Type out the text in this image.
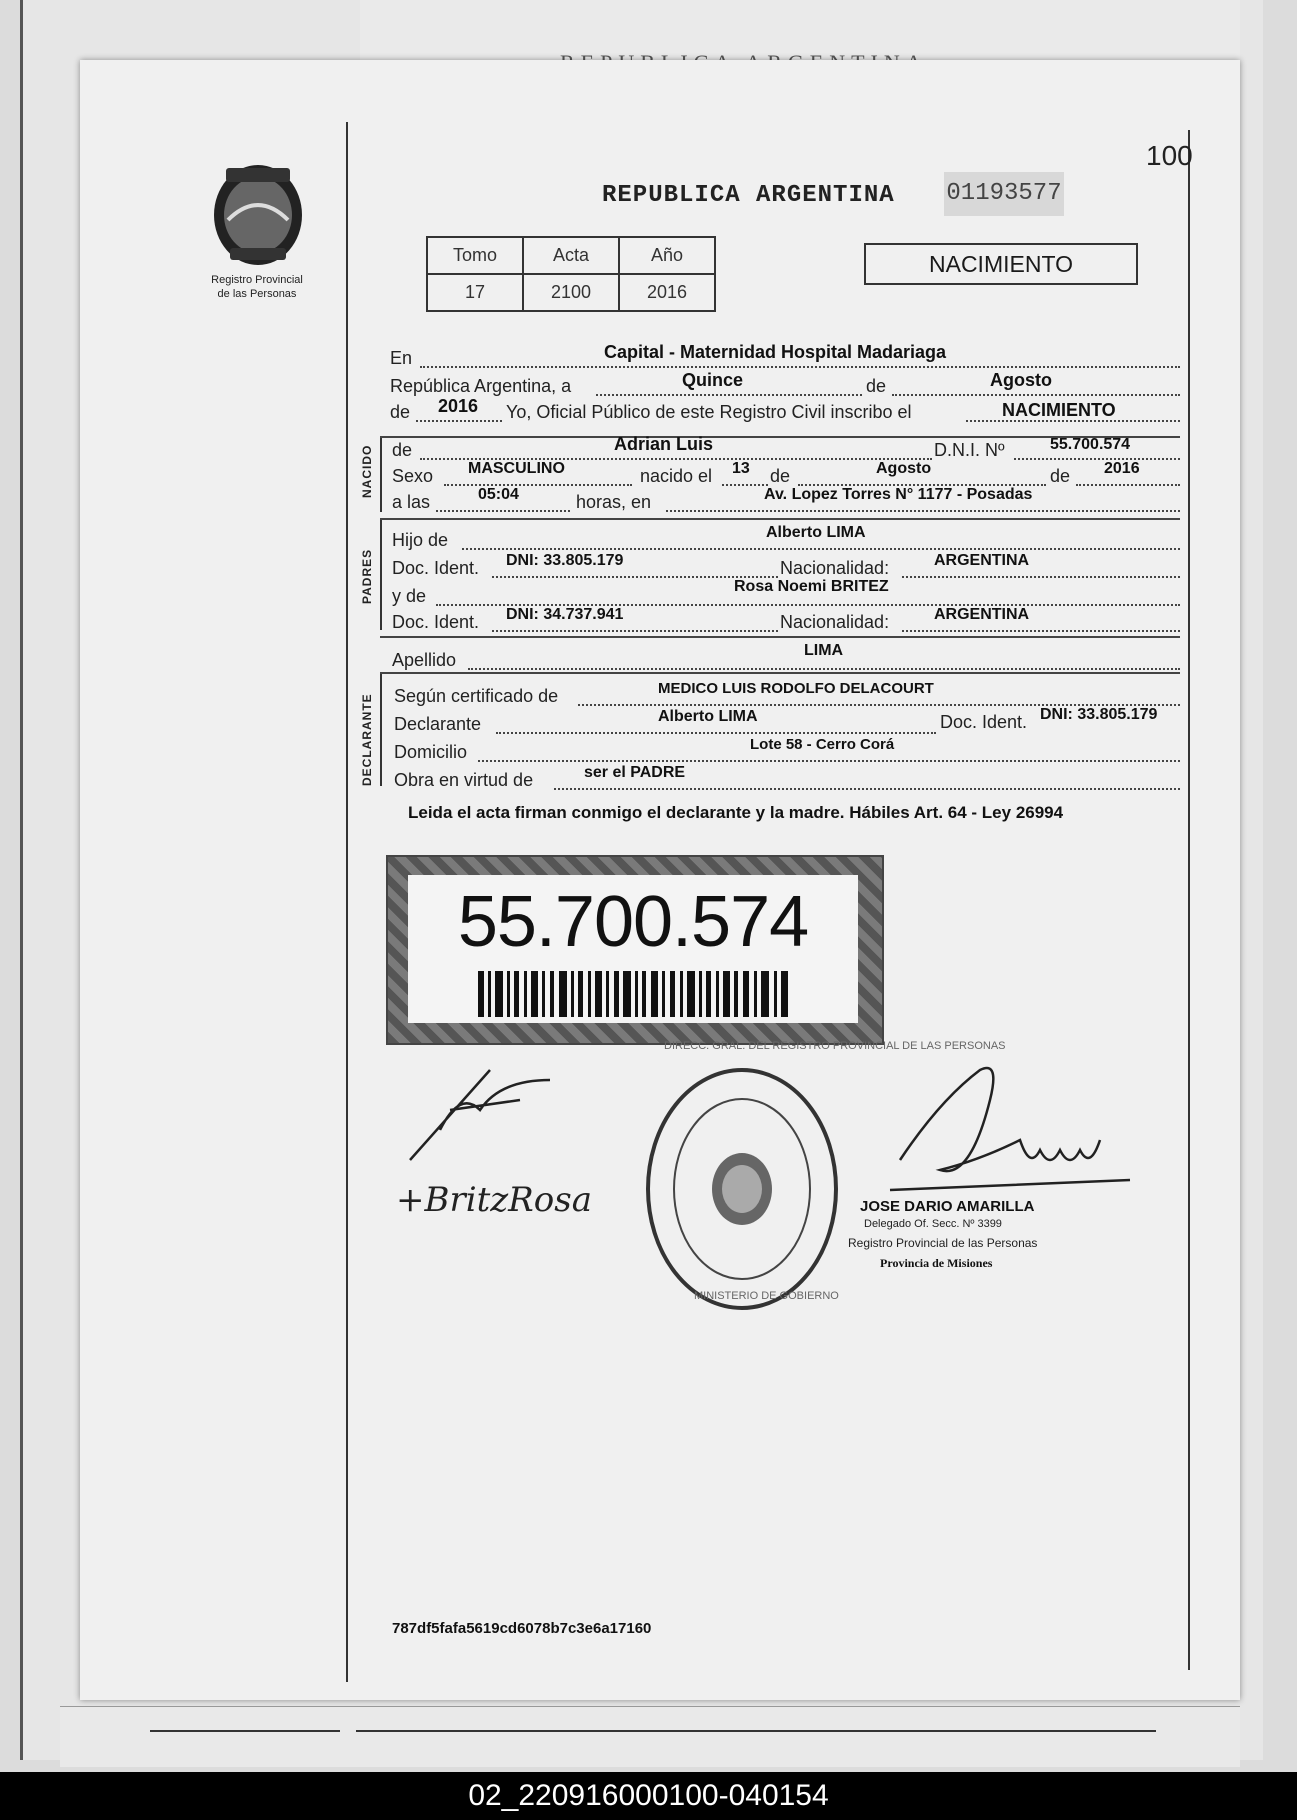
Registro Provincial
de las Personas
100
REPUBLICA ARGENTINA 01193577
Tomo	Acta	Año
17	2100	2016
NACIMIENTO
En	Capital - Maternidad Hospital Madariaga
República Argentina, a	Quince	de	Agosto
de 2016 Yo, Oficial Público de este Registro Civil inscribo el	NACIMIENTO
NACIDO de	Adrian Luis	D.N.I. Nº	55.700.574
Sexo MASCULINO	nacido el 13 de	Agosto	de 2016
a las	05:04	horas, en	Av. Lopez Torres N° 1177 - Posadas
PADRES
Hijo de	Alberto LIMA
Doc. Ident. DNI: 33.805.179	Nacionalidad:	ARGENTINA
y de	Rosa Noemi BRITEZ
Doc. Ident. DNI: 34.737.941	Nacionalidad:	ARGENTINA
Apellido	LIMA
DECLARANTE Según certificado de	MEDICO LUIS RODOLFO DELACOURT
Declarante	Alberto LIMA	Doc. Ident. DNI: 33.805.179
Domicilio	Lote 58 - Cerro Corá
Obra en virtud de	ser el PADRE
Leida el acta firman conmigo el declarante y la madre. Hábiles Art. 64 - Ley 26994
55.700.574
+BritzRosa
DIRECC. GRAL. DEL REGISTRO PROVINCIAL DE LAS PERSONAS
MINISTERIO DE GOBIERNO
JOSE DARIO AMARILLA
Delegado Of. Secc. Nº 3399
Registro Provincial de las Personas
Provincia de Misiones
787df5fafa5619cd6078b7c3e6a17160
02_220916000100-040154
